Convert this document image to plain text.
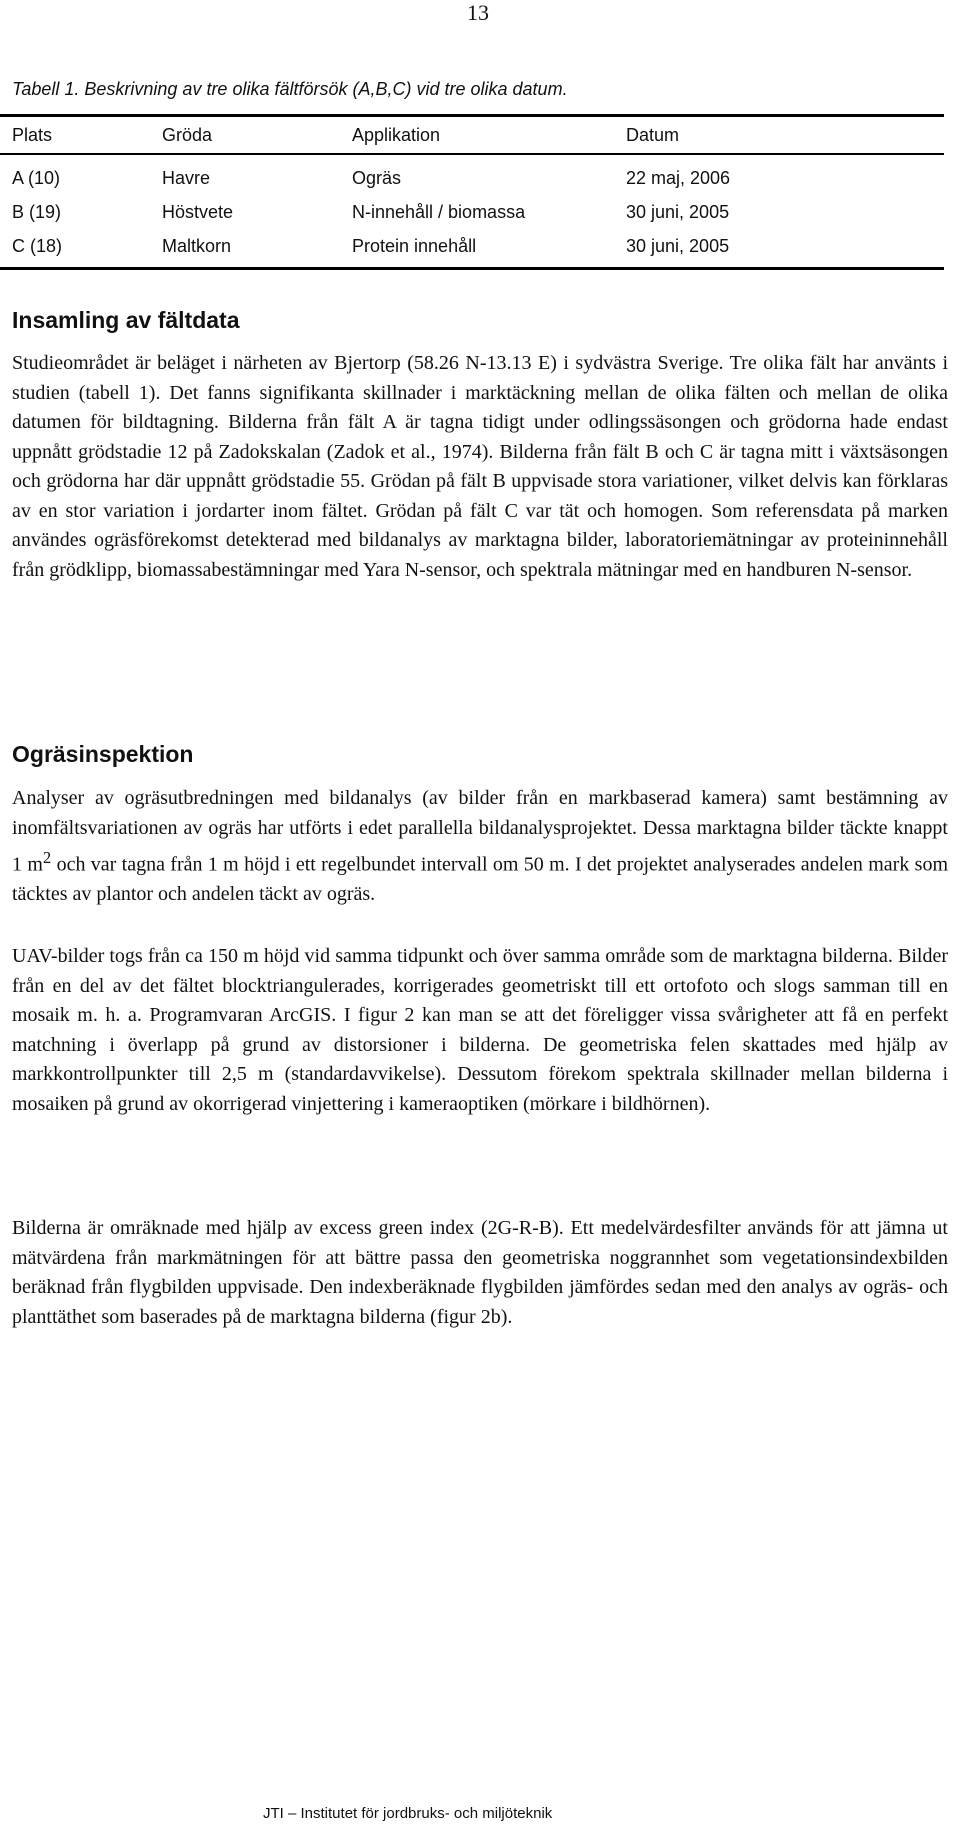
13
Tabell 1. Beskrivning av tre olika fältförsök (A,B,C) vid tre olika datum.
Plats	Gröda	Applikation	Datum
A (10)	Havre	Ogräs	22 maj, 2006
B (19)	Höstvete	N-innehåll / biomassa	30 juni, 2005
C (18)	Maltkorn	Protein innehåll	30 juni, 2005
Insamling av fältdata

Studieområdet är beläget i närheten av Bjertorp (58.26 N-13.13 E) i sydvästra Sverige. Tre olika fält har använts i studien (tabell 1). Det fanns signifikanta skillnader i marktäckning mellan de olika fälten och mellan de olika datumen för bildtagning. Bilderna från fält A är tagna tidigt under odlingssäsongen och grödorna hade endast uppnått grödstadie 12 på Zadokskalan (Zadok et al., 1974). Bilderna från fält B och C är tagna mitt i växtsäsongen och grödorna har där uppnått grödstadie 55. Grödan på fält B uppvisade stora variationer, vilket delvis kan förklaras av en stor variation i jordarter inom fältet. Grödan på fält C var tät och homogen. Som referensdata på marken användes ogräsförekomst detekterad med bildanalys av marktagna bilder, laboratoriemätningar av proteininnehåll från grödklipp, biomassabestämningar med Yara N-sensor, och spektrala mätningar med en handburen N-sensor.

Ogräsinspektion

Analyser av ogräsutbredningen med bildanalys (av bilder från en markbaserad kamera) samt bestämning av inomfältsvariationen av ogräs har utförts i edet parallella bildanalysprojektet. Dessa marktagna bilder täckte knappt 1 $m^2$ och var tagna från 1 m höjd i ett regelbundet intervall om 50 m. I det projektet analyserades andelen mark som täcktes av plantor och andelen täckt av ogräs.

UAV-bilder togs från ca 150 m höjd vid samma tidpunkt och över samma område som de marktagna bilderna. Bilder från en del av det fältet blocktriangulerades, korrigerades geometriskt till ett ortofoto och slogs samman till en mosaik m. h. a. Programvaran ArcGIS. I figur 2 kan man se att det föreligger vissa svårigheter att få en perfekt matchning i överlapp på grund av distorsioner i bilderna. De geometriska felen skattades med hjälp av markkontrollpunkter till 2,5 m (standardavvikelse). Dessutom förekom spektrala skillnader mellan bilderna i mosaiken på grund av okorrigerad vinjettering i kameraoptiken (mörkare i bildhörnen).

Bilderna är omräknade med hjälp av excess green index (2G-R-B). Ett medelvärdesfilter används för att jämna ut mätvärdena från markmätningen för att bättre passa den geometriska noggrannhet som vegetationsindexbilden beräknad från flygbilden uppvisade. Den indexberäknade flygbilden jämfördes sedan med den analys av ogräs- och planttäthet som baserades på de marktagna bilderna (figur 2b).

JTI – Institutet för jordbruks- och miljöteknik
